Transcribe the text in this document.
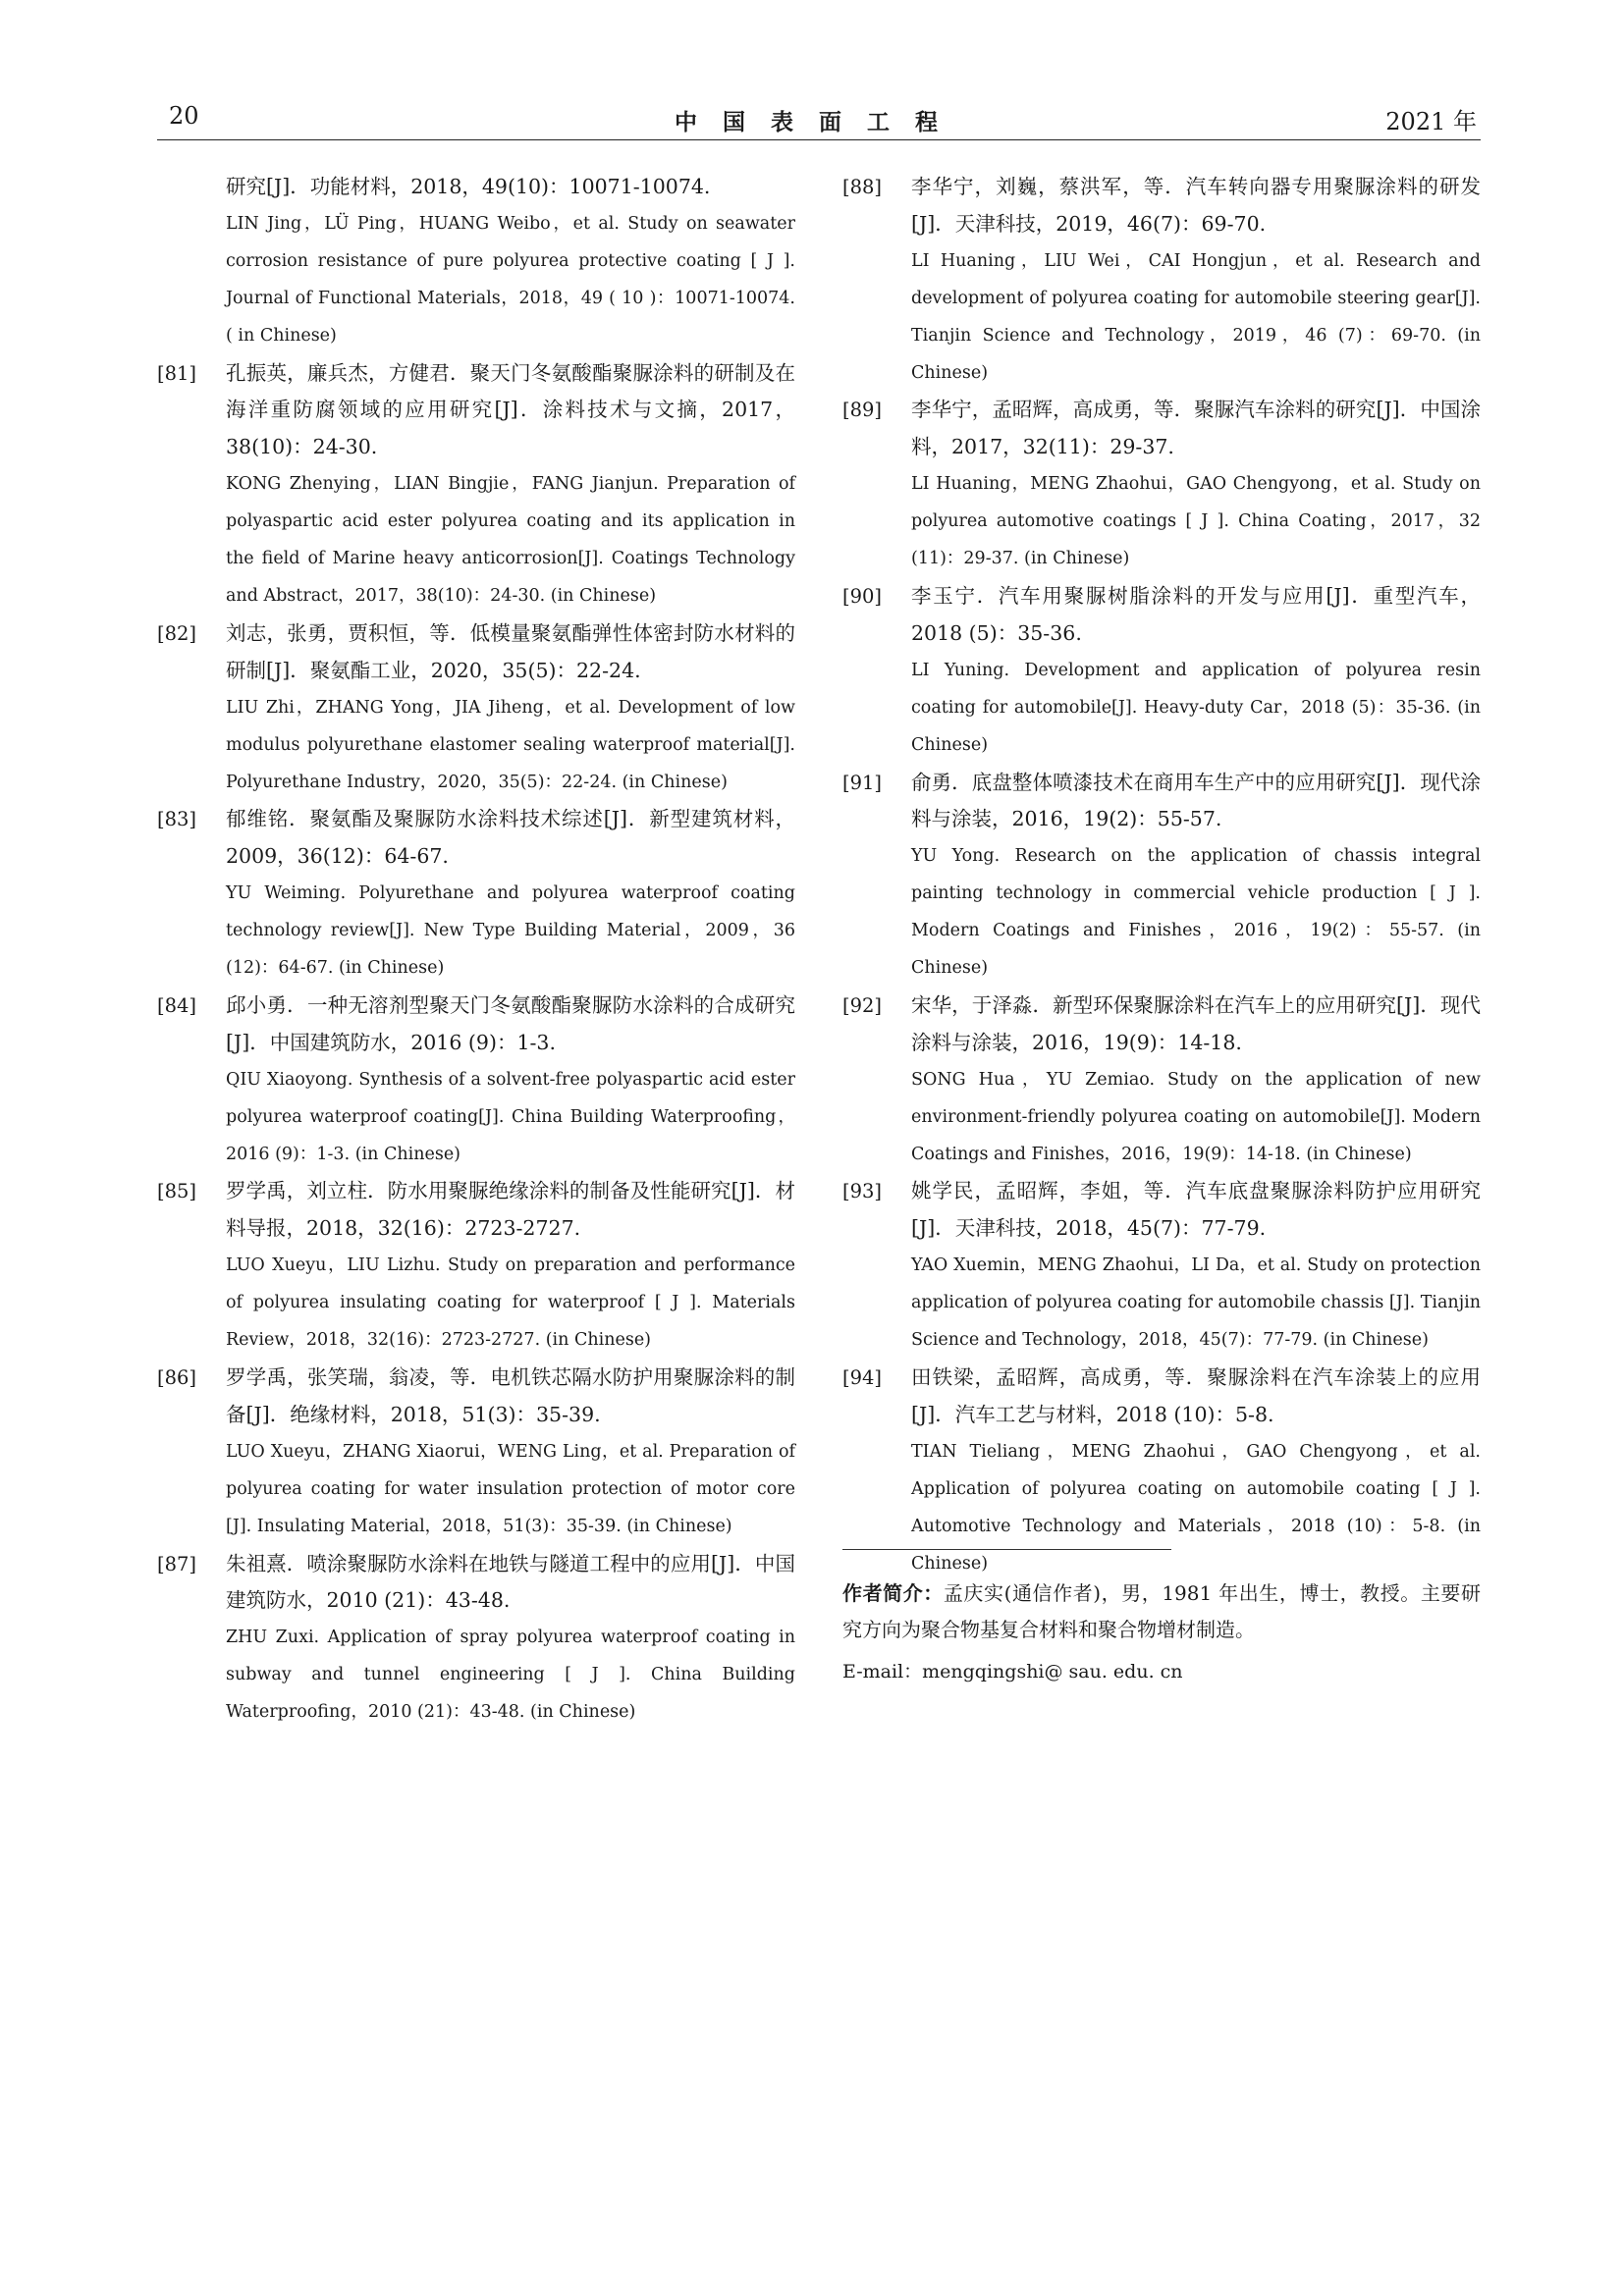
20	中国表面工程	2021 年
研究[J]．功能材料，2018，49(10)：10071-10074.
LIN Jing，LÜ Ping，HUANG Weibo，et al. Study on seawater corrosion resistance of pure polyurea protective coating [ J ]. Journal of Functional Materials，2018，49 ( 10 )：10071-10074. ( in Chinese)
[81] 孔振英，廉兵杰，方健君．聚天门冬氨酸酯聚脲涂料的研制及在海洋重防腐领域的应用研究[J]．涂料技术与文摘，2017，38(10)：24-30.
KONG Zhenying，LIAN Bingjie，FANG Jianjun. Preparation of polyaspartic acid ester polyurea coating and its application in the field of Marine heavy anticorrosion[J]. Coatings Technology and Abstract，2017，38(10)：24-30. (in Chinese)
[82] 刘志，张勇，贾积恒，等．低模量聚氨酯弹性体密封防水材料的研制[J]．聚氨酯工业，2020，35(5)：22-24.
LIU Zhi，ZHANG Yong，JIA Jiheng，et al. Development of low modulus polyurethane elastomer sealing waterproof material[J]. Polyurethane Industry，2020，35(5)：22-24. (in Chinese)
[83] 郁维铭．聚氨酯及聚脲防水涂料技术综述[J]．新型建筑材料，2009，36(12)：64-67.
YU Weiming. Polyurethane and polyurea waterproof coating technology review[J]. New Type Building Material，2009，36 (12)：64-67. (in Chinese)
[84] 邱小勇．一种无溶剂型聚天门冬氨酸酯聚脲防水涂料的合成研究[J]．中国建筑防水，2016 (9)：1-3.
QIU Xiaoyong. Synthesis of a solvent-free polyaspartic acid ester polyurea waterproof coating[J]. China Building Waterproofing，2016 (9)：1-3. (in Chinese)
[85] 罗学禹，刘立柱．防水用聚脲绝缘涂料的制备及性能研究[J]．材料导报，2018，32(16)：2723-2727.
LUO Xueyu，LIU Lizhu. Study on preparation and performance of polyurea insulating coating for waterproof [ J ]. Materials Review，2018，32(16)：2723-2727. (in Chinese)
[86] 罗学禹，张笑瑞，翁凌，等．电机铁芯隔水防护用聚脲涂料的制备[J]．绝缘材料，2018，51(3)：35-39.
LUO Xueyu，ZHANG Xiaorui，WENG Ling，et al. Preparation of polyurea coating for water insulation protection of motor core [J]. Insulating Material，2018，51(3)：35-39. (in Chinese)
[87] 朱祖熹．喷涂聚脲防水涂料在地铁与隧道工程中的应用[J]．中国建筑防水，2010 (21)：43-48.
ZHU Zuxi. Application of spray polyurea waterproof coating in subway and tunnel engineering [ J ]. China Building Waterproofing，2010 (21)：43-48. (in Chinese)
[88] 李华宁，刘巍，蔡洪军，等．汽车转向器专用聚脲涂料的研发[J]．天津科技，2019，46(7)：69-70.
LI Huaning，LIU Wei，CAI Hongjun，et al. Research and development of polyurea coating for automobile steering gear[J]. Tianjin Science and Technology，2019，46 (7)：69-70. (in Chinese)
[89] 李华宁，孟昭辉，高成勇，等．聚脲汽车涂料的研究[J]．中国涂料，2017，32(11)：29-37.
LI Huaning，MENG Zhaohui，GAO Chengyong，et al. Study on polyurea automotive coatings [ J ]. China Coating，2017，32 (11)：29-37. (in Chinese)
[90] 李玉宁．汽车用聚脲树脂涂料的开发与应用[J]．重型汽车，2018 (5)：35-36.
LI Yuning. Development and application of polyurea resin coating for automobile[J]. Heavy-duty Car，2018 (5)：35-36. (in Chinese)
[91] 俞勇．底盘整体喷漆技术在商用车生产中的应用研究[J]．现代涂料与涂装，2016，19(2)：55-57.
YU Yong. Research on the application of chassis integral painting technology in commercial vehicle production [ J ]. Modern Coatings and Finishes，2016，19(2)：55-57. (in Chinese)
[92] 宋华，于泽淼．新型环保聚脲涂料在汽车上的应用研究[J]．现代涂料与涂装，2016，19(9)：14-18.
SONG Hua，YU Zemiao. Study on the application of new environment-friendly polyurea coating on automobile[J]. Modern Coatings and Finishes，2016，19(9)：14-18. (in Chinese)
[93] 姚学民，孟昭辉，李姐，等．汽车底盘聚脲涂料防护应用研究[J]．天津科技，2018，45(7)：77-79.
YAO Xuemin，MENG Zhaohui，LI Da，et al. Study on protection application of polyurea coating for automobile chassis [J]. Tianjin Science and Technology，2018，45(7)：77-79. (in Chinese)
[94] 田铁梁，孟昭辉，高成勇，等．聚脲涂料在汽车涂装上的应用[J]．汽车工艺与材料，2018 (10)：5-8.
TIAN Tieliang，MENG Zhaohui，GAO Chengyong，et al. Application of polyurea coating on automobile coating [ J ]. Automotive Technology and Materials，2018 (10)：5-8. (in Chinese)
作者简介：孟庆实(通信作者)，男，1981 年出生，博士，教授。主要研究方向为聚合物基复合材料和聚合物增材制造。
E-mail：mengqingshi@ sau. edu. cn
